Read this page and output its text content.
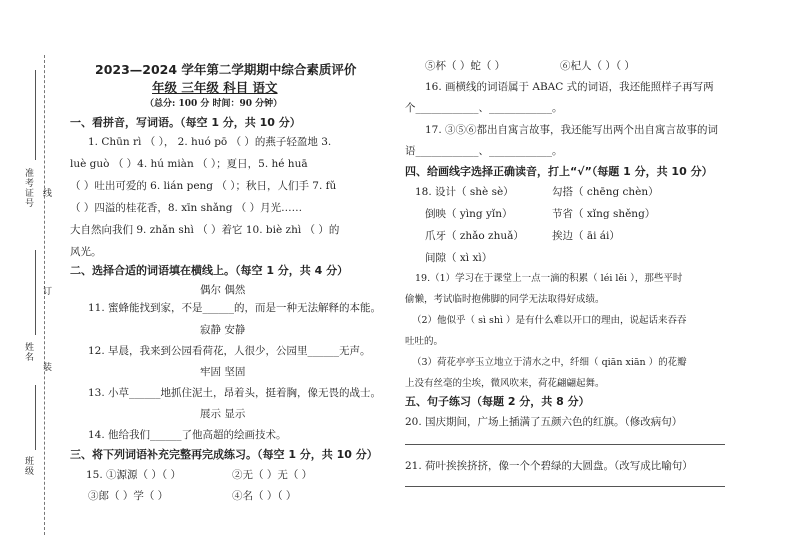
准考证号 线
订
姓名
装
班级
2023—2024 学年第二学期期中综合素质评价
年级 三年级 科目 语文
（总分: 100 分 时间：90 分钟）
一、看拼音，写词语。（每空 1 分，共 10 分）
1. Chūn rì （ ）， 2. huó pō （ ）的燕子轻盈地 3.
luè guò （ ）4. hú miàn （ ）；夏日，5. hé huā
（ ）吐出可爱的 6. lián peng （ ）；秋日，人们手 7. fǔ
（ ）四溢的桂花香，8. xīn shǎng （ ）月光……
大自然向我们 9. zhǎn shì （ ）着它 10. biè zhì （ ）的
风光。
二、选择合适的词语填在横线上。（每空 1 分，共 4 分）
偶尔 偶然
11. 蜜蜂能找到家，不是______的，而是一种无法解释的本能。
寂静 安静
12. 早晨，我来到公园看荷花，人很少，公园里______无声。
牢固 坚固
13. 小草______地抓住泥土，昂着头，挺着胸，像无畏的战士。
展示 显示
14. 他给我们______了他高超的绘画技术。
三、将下列词语补充完整再完成练习。（每空 1 分，共 10 分）
15. ①源源（ ）（ ）	②无（ ）无（ ）
③郎（ ）学（ ）	④名（ ）（ ）
⑤杯（ ）蛇（ ）	⑥杞人（ ）（ ）
16. 画横线的词语属于 ABAC 式的词语，我还能照样子再写两
个____________、____________。
17. ③⑤⑥都出自寓言故事，我还能写出两个出自寓言故事的词
语____________、____________。
四、给画线字选择正确读音，打上“√”（每题 1 分，共 10 分）
18. 设计（ shè sè）	勾搭（ chēng chèn）
倒映（ yìng yǐn）	节省（ xǐng shěng）
爪牙（ zhǎo zhuǎ）	挨边（ āi ái）
间隙（ xì xì）
19.（1）学习在于课堂上一点一滴的积累（ léi lěi ），那些平时
偷懒，考试临时抱佛脚的同学无法取得好成绩。
（2）他似乎（ sì shì ）是有什么难以开口的理由，说起话来吞吞
吐吐的。
（3）荷花亭亭玉立地立于清水之中，纤细（ qiān xiān ）的花瓣
上没有丝毫的尘埃，微风吹来，荷花翩翩起舞。
五、句子练习（每题 2 分，共 8 分）
20. 国庆期间，广场上插满了五颜六色的红旗。（修改病句）
21. 荷叶挨挨挤挤，像一个个碧绿的大圆盘。（改写成比喻句）
